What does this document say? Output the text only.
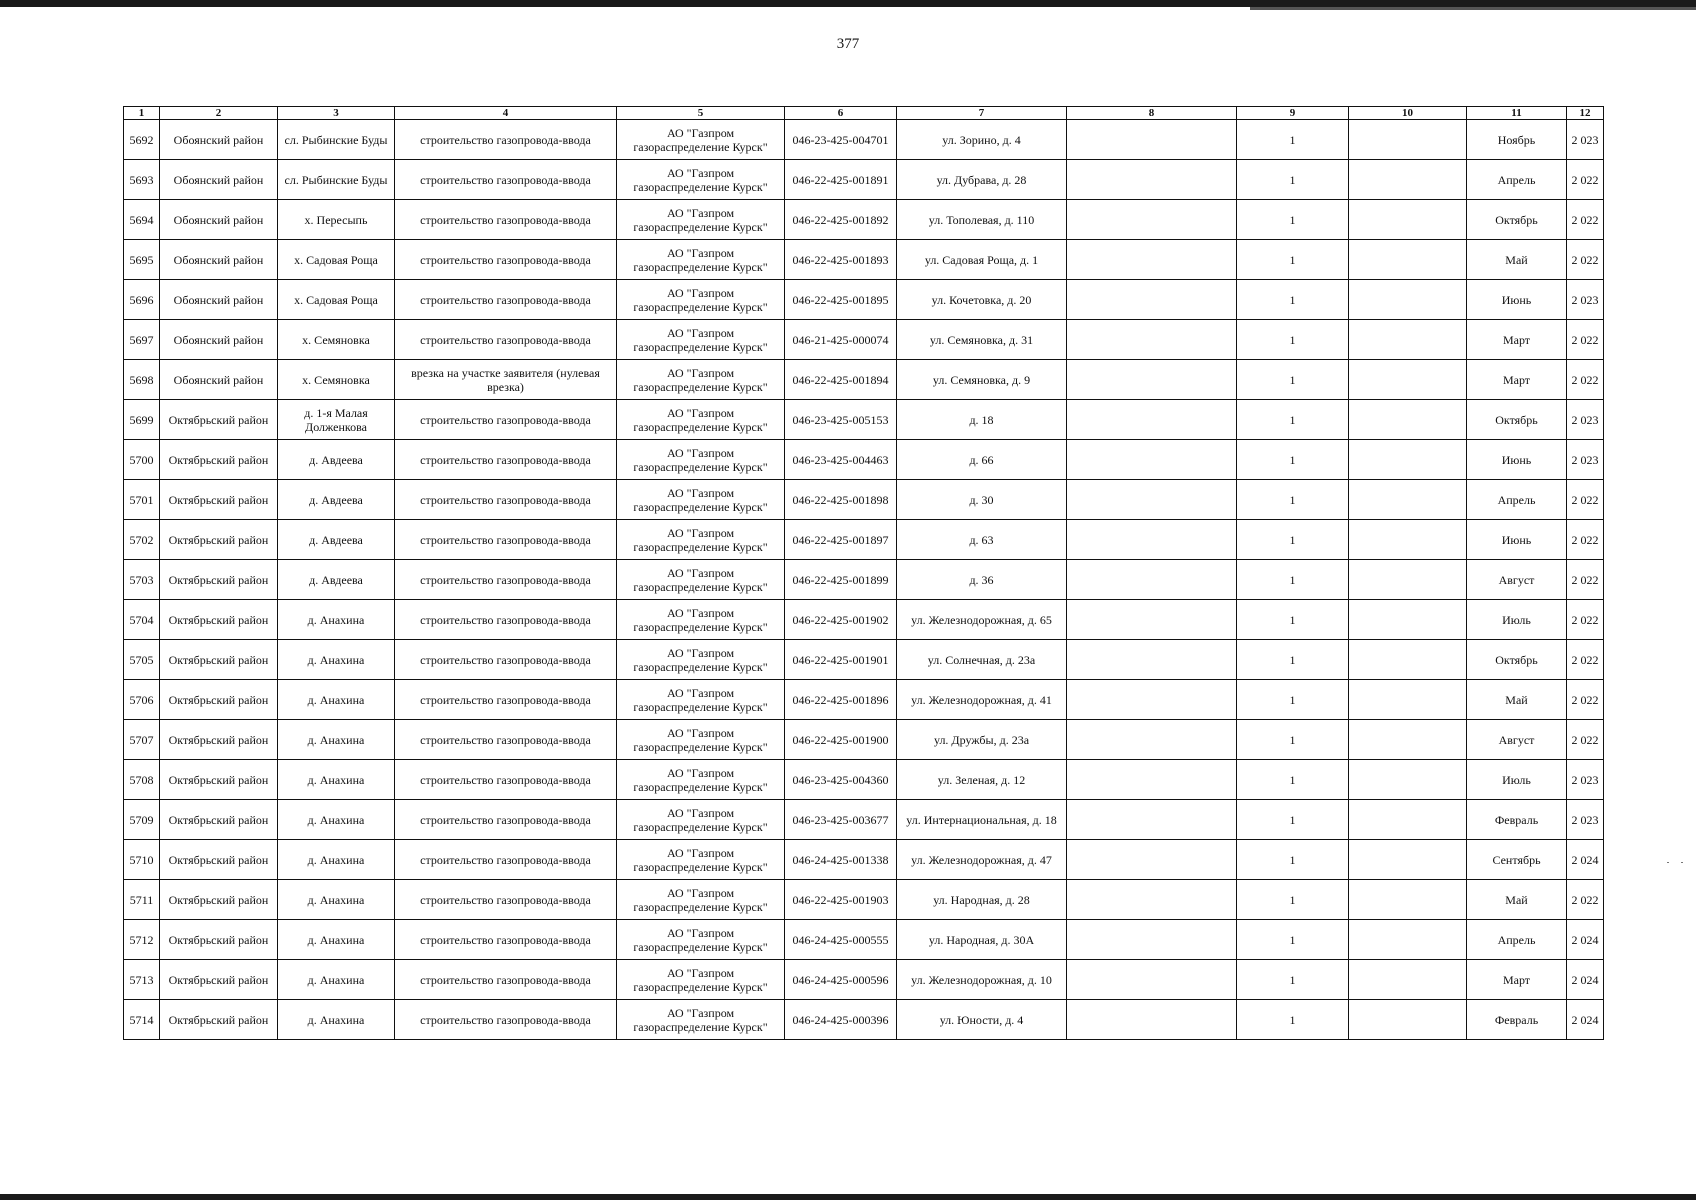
377
1	2	3	4	5	6	7	8	9	10	11	12
5692	Обоянский район	сл. Рыбинские Буды	строительство газопровода-ввода	АО "Газпром газораспределение Курск"	046-23-425-004701	ул. Зорино, д. 4		1		Ноябрь	2 023
5693	Обоянский район	сл. Рыбинские Буды	строительство газопровода-ввода	АО "Газпром газораспределение Курск"	046-22-425-001891	ул. Дубрава, д. 28		1		Апрель	2 022
5694	Обоянский район	х. Пересыпь	строительство газопровода-ввода	АО "Газпром газораспределение Курск"	046-22-425-001892	ул. Тополевая, д. 110		1		Октябрь	2 022
5695	Обоянский район	х. Садовая Роща	строительство газопровода-ввода	АО "Газпром газораспределение Курск"	046-22-425-001893	ул. Садовая Роща, д. 1		1		Май	2 022
5696	Обоянский район	х. Садовая Роща	строительство газопровода-ввода	АО "Газпром газораспределение Курск"	046-22-425-001895	ул. Кочетовка, д. 20		1		Июнь	2 023
5697	Обоянский район	х. Семяновка	строительство газопровода-ввода	АО "Газпром газораспределение Курск"	046-21-425-000074	ул. Семяновка, д. 31		1		Март	2 022
5698	Обоянский район	х. Семяновка	врезка на участке заявителя (нулевая врезка)	АО "Газпром газораспределение Курск"	046-22-425-001894	ул. Семяновка, д. 9		1		Март	2 022
5699	Октябрьский район	д. 1-я Малая Долженкова	строительство газопровода-ввода	АО "Газпром газораспределение Курск"	046-23-425-005153	д. 18		1		Октябрь	2 023
5700	Октябрьский район	д. Авдеева	строительство газопровода-ввода	АО "Газпром газораспределение Курск"	046-23-425-004463	д. 66		1		Июнь	2 023
5701	Октябрьский район	д. Авдеева	строительство газопровода-ввода	АО "Газпром газораспределение Курск"	046-22-425-001898	д. 30		1		Апрель	2 022
5702	Октябрьский район	д. Авдеева	строительство газопровода-ввода	АО "Газпром газораспределение Курск"	046-22-425-001897	д. 63		1		Июнь	2 022
5703	Октябрьский район	д. Авдеева	строительство газопровода-ввода	АО "Газпром газораспределение Курск"	046-22-425-001899	д. 36		1		Август	2 022
5704	Октябрьский район	д. Анахина	строительство газопровода-ввода	АО "Газпром газораспределение Курск"	046-22-425-001902	ул. Железнодорожная, д. 65		1		Июль	2 022
5705	Октябрьский район	д. Анахина	строительство газопровода-ввода	АО "Газпром газораспределение Курск"	046-22-425-001901	ул. Солнечная, д. 23а		1		Октябрь	2 022
5706	Октябрьский район	д. Анахина	строительство газопровода-ввода	АО "Газпром газораспределение Курск"	046-22-425-001896	ул. Железнодорожная, д. 41		1		Май	2 022
5707	Октябрьский район	д. Анахина	строительство газопровода-ввода	АО "Газпром газораспределение Курск"	046-22-425-001900	ул. Дружбы, д. 23а		1		Август	2 022
5708	Октябрьский район	д. Анахина	строительство газопровода-ввода	АО "Газпром газораспределение Курск"	046-23-425-004360	ул. Зеленая, д. 12		1		Июль	2 023
5709	Октябрьский район	д. Анахина	строительство газопровода-ввода	АО "Газпром газораспределение Курск"	046-23-425-003677	ул. Интернациональная, д. 18		1		Февраль	2 023
5710	Октябрьский район	д. Анахина	строительство газопровода-ввода	АО "Газпром газораспределение Курск"	046-24-425-001338	ул. Железнодорожная, д. 47		1		Сентябрь	2 024
5711	Октябрьский район	д. Анахина	строительство газопровода-ввода	АО "Газпром газораспределение Курск"	046-22-425-001903	ул. Народная, д. 28		1		Май	2 022
5712	Октябрьский район	д. Анахина	строительство газопровода-ввода	АО "Газпром газораспределение Курск"	046-24-425-000555	ул. Народная, д. 30А		1		Апрель	2 024
5713	Октябрьский район	д. Анахина	строительство газопровода-ввода	АО "Газпром газораспределение Курск"	046-24-425-000596	ул. Железнодорожная, д. 10		1		Март	2 024
5714	Октябрьский район	д. Анахина	строительство газопровода-ввода	АО "Газпром газораспределение Курск"	046-24-425-000396	ул. Юности, д. 4		1		Февраль	2 024
